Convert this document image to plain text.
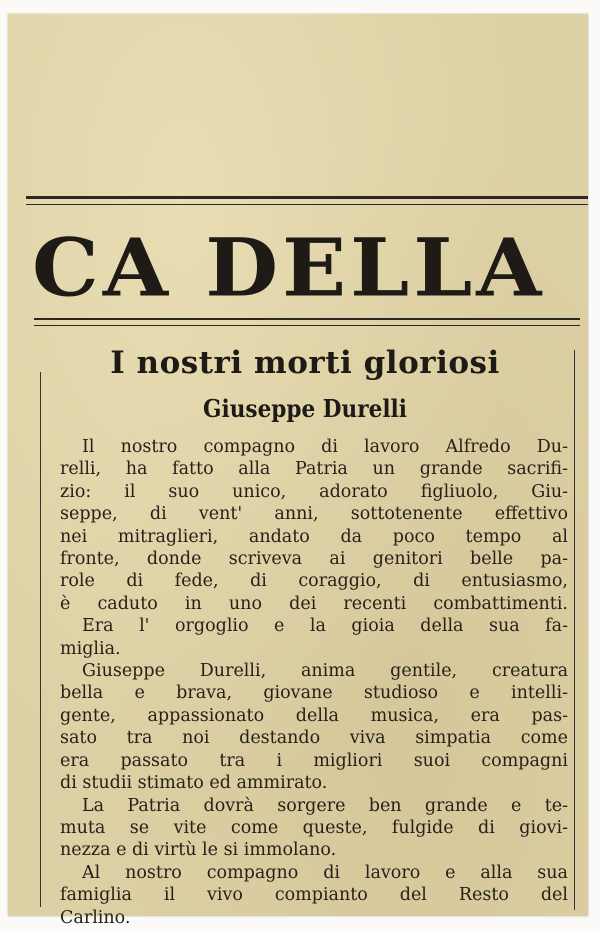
CA DELLA
I nostri morti gloriosi
Giuseppe Durelli
Il nostro compagno di lavoro Alfredo Du-
relli, ha fatto alla Patria un grande sacrifi-
zio: il suo unico, adorato figliuolo, Giu-
seppe, di vent' anni, sottotenente effettivo
nei mitraglieri, andato da poco tempo al
fronte, donde scriveva ai genitori belle pa-
role di fede, di coraggio, di entusiasmo,
è caduto in uno dei recenti combattimenti.
Era l' orgoglio e la gioia della sua fa-
miglia.
Giuseppe Durelli, anima gentile, creatura
bella e brava, giovane studioso e intelli-
gente, appassionato della musica, era pas-
sato tra noi destando viva simpatia come
era passato tra i migliori suoi compagni
di studii stimato ed ammirato.
La Patria dovrà sorgere ben grande e te-
muta se vite come queste, fulgide di giovi-
nezza e di virtù le si immolano.
Al nostro compagno di lavoro e alla sua
famiglia il vivo compianto del Resto del
Carlino.
